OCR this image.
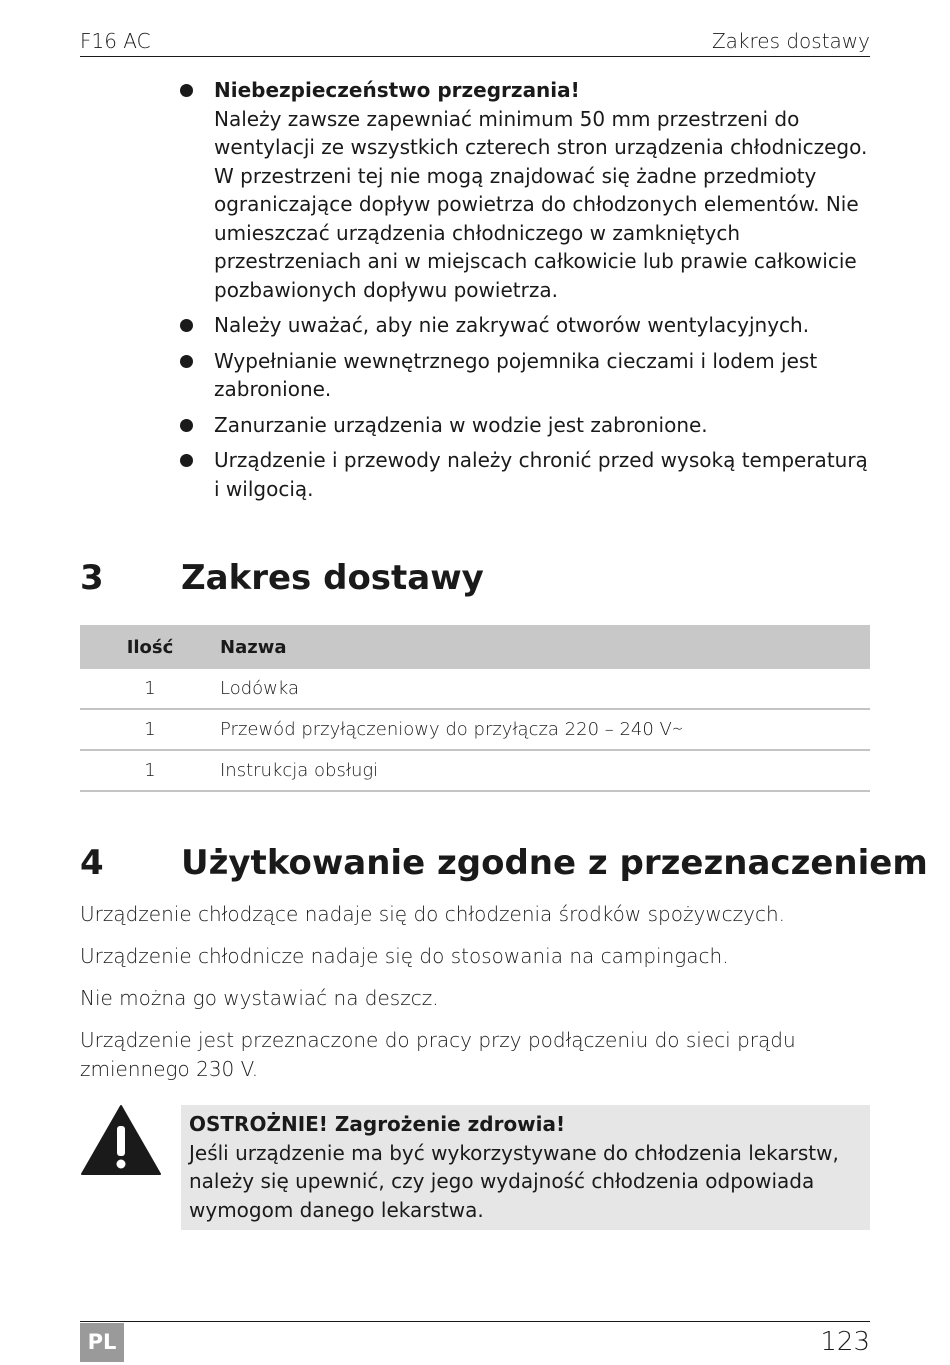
F16 AC	Zakres dostawy
Niebezpieczeństwo przegrzania!
Należy zawsze zapewniać minimum 50 mm przestrzeni do wentylacji ze wszystkich czterech stron urządzenia chłodniczego. W przestrzeni tej nie mogą znajdować się żadne przedmioty ograniczające dopływ powietrza do chłodzonych elementów. Nie umieszczać urządzenia chłodniczego w zamkniętych przestrzeniach ani w miejscach całkowicie lub prawie całkowicie pozbawionych dopływu powietrza.
Należy uważać, aby nie zakrywać otworów wentylacyjnych.
Wypełnianie wewnętrznego pojemnika cieczami i lodem jest zabronione.
Zanurzanie urządzenia w wodzie jest zabronione.
Urządzenie i przewody należy chronić przed wysoką temperaturą i wilgocią.
3 Zakres dostawy
Ilość	Nazwa
1	Lodówka
1	Przewód przyłączeniowy do przyłącza 220 – 240 V∼
1	Instrukcja obsługi
4 Użytkowanie zgodne z przeznaczeniem

Urządzenie chłodzące nadaje się do chłodzenia środków spożywczych.

Urządzenie chłodnicze nadaje się do stosowania na campingach.

Nie można go wystawiać na deszcz.

Urządzenie jest przeznaczone do pracy przy podłączeniu do sieci prądu zmiennego 230 V.

OSTROŻNIE! Zagrożenie zdrowia!
Jeśli urządzenie ma być wykorzystywane do chłodzenia lekarstw, należy się upewnić, czy jego wydajność chłodzenia odpowiada wymogom danego lekarstwa.
PL	123
